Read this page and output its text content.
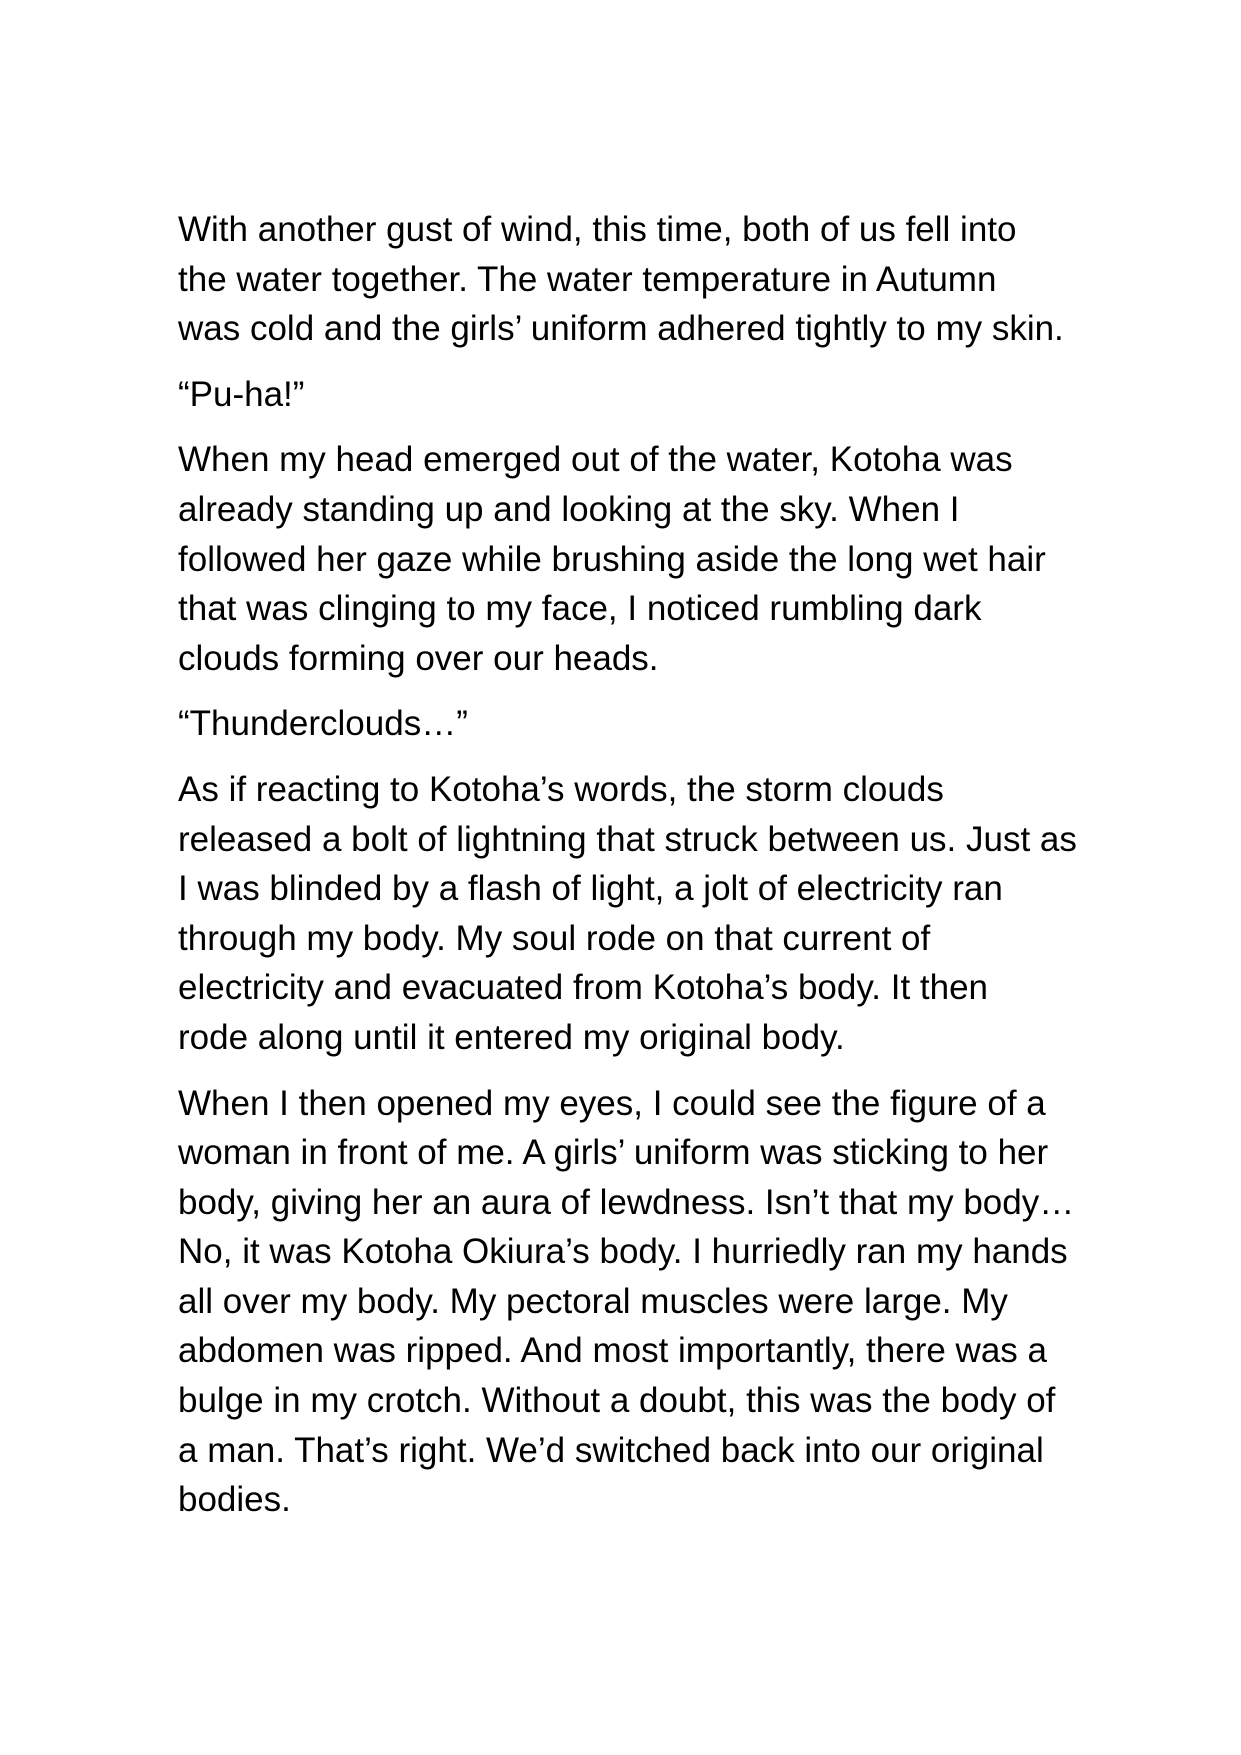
With another gust of wind, this time, both of us fell into
the water together. The water temperature in Autumn
was cold and the girls’ uniform adhered tightly to my skin.

“Pu-ha!”

When my head emerged out of the water, Kotoha was
already standing up and looking at the sky. When I
followed her gaze while brushing aside the long wet hair
that was clinging to my face, I noticed rumbling dark
clouds forming over our heads.

“Thunderclouds…”

As if reacting to Kotoha’s words, the storm clouds
released a bolt of lightning that struck between us. Just as
I was blinded by a flash of light, a jolt of electricity ran
through my body. My soul rode on that current of
electricity and evacuated from Kotoha’s body. It then
rode along until it entered my original body.

When I then opened my eyes, I could see the figure of a
woman in front of me. A girls’ uniform was sticking to her
body, giving her an aura of lewdness. Isn’t that my body…
No, it was Kotoha Okiura’s body. I hurriedly ran my hands
all over my body. My pectoral muscles were large. My
abdomen was ripped. And most importantly, there was a
bulge in my crotch. Without a doubt, this was the body of
a man. That’s right. We’d switched back into our original
bodies.
